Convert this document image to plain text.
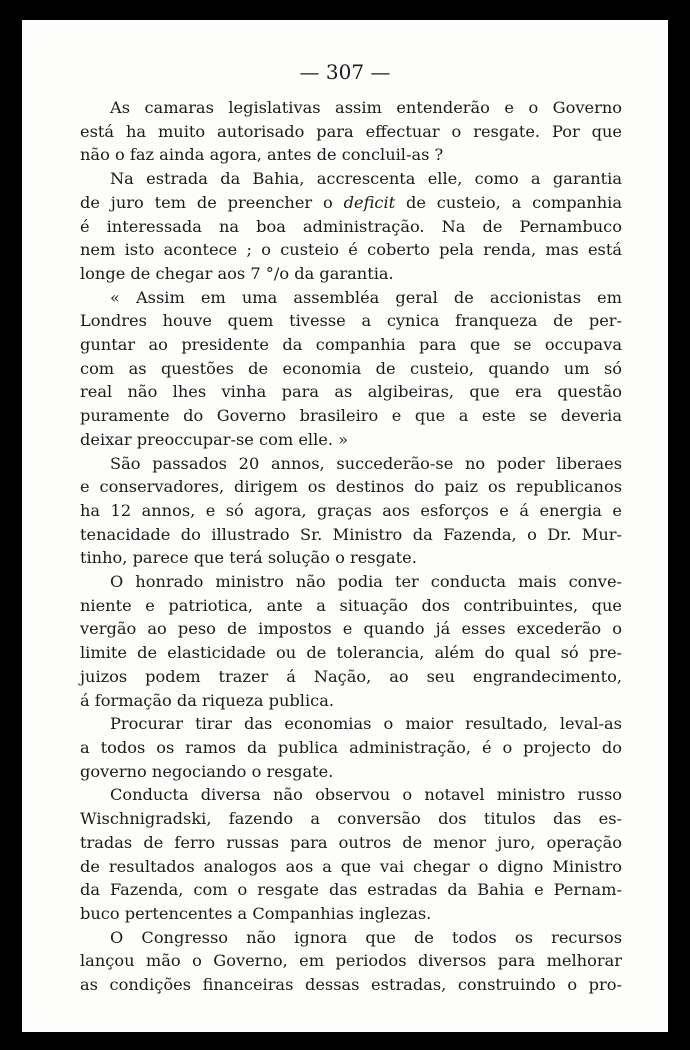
— 307 —

As camaras legislativas assim entenderão e o Governo
está ha muito autorisado para effectuar o resgate. Por que
não o faz ainda agora, antes de concluil-as ?
Na estrada da Bahia, accrescenta elle, como a garantia
de juro tem de preencher o deficit de custeio, a companhia
é interessada na boa administração. Na de Pernambuco
nem isto acontece ; o custeio é coberto pela renda, mas está
longe de chegar aos 7 °/o da garantia.
« Assim em uma assembléa geral de accionistas em
Londres houve quem tivesse a cynica franqueza de per-
guntar ao presidente da companhia para que se occupava
com as questões de economia de custeio, quando um só
real não lhes vinha para as algibeiras, que era questão
puramente do Governo brasileiro e que a este se deveria
deixar preoccupar-se com elle. »
São passados 20 annos, succederão-se no poder liberaes
e conservadores, dirigem os destinos do paiz os republicanos
ha 12 annos, e só agora, graças aos esforços e á energia e
tenacidade do illustrado Sr. Ministro da Fazenda, o Dr. Mur-
tinho, parece que terá solução o resgate.
O honrado ministro não podia ter conducta mais conve-
niente e patriotica, ante a situação dos contribuintes, que
vergão ao peso de impostos e quando já esses excederão o
limite de elasticidade ou de tolerancia, além do qual só pre-
juizos podem trazer á Nação, ao seu engrandecimento,
á formação da riqueza publica.
Procurar tirar das economias o maior resultado, leval-as
a todos os ramos da publica administração, é o projecto do
governo negociando o resgate.
Conducta diversa não observou o notavel ministro russo
Wischnigradski, fazendo a conversão dos titulos das es-
tradas de ferro russas para outros de menor juro, operação
de resultados analogos aos a que vai chegar o digno Ministro
da Fazenda, com o resgate das estradas da Bahia e Pernam-
buco pertencentes a Companhias inglezas.
O Congresso não ignora que de todos os recursos
lançou mão o Governo, em periodos diversos para melhorar
as condições financeiras dessas estradas, construindo o pro-
